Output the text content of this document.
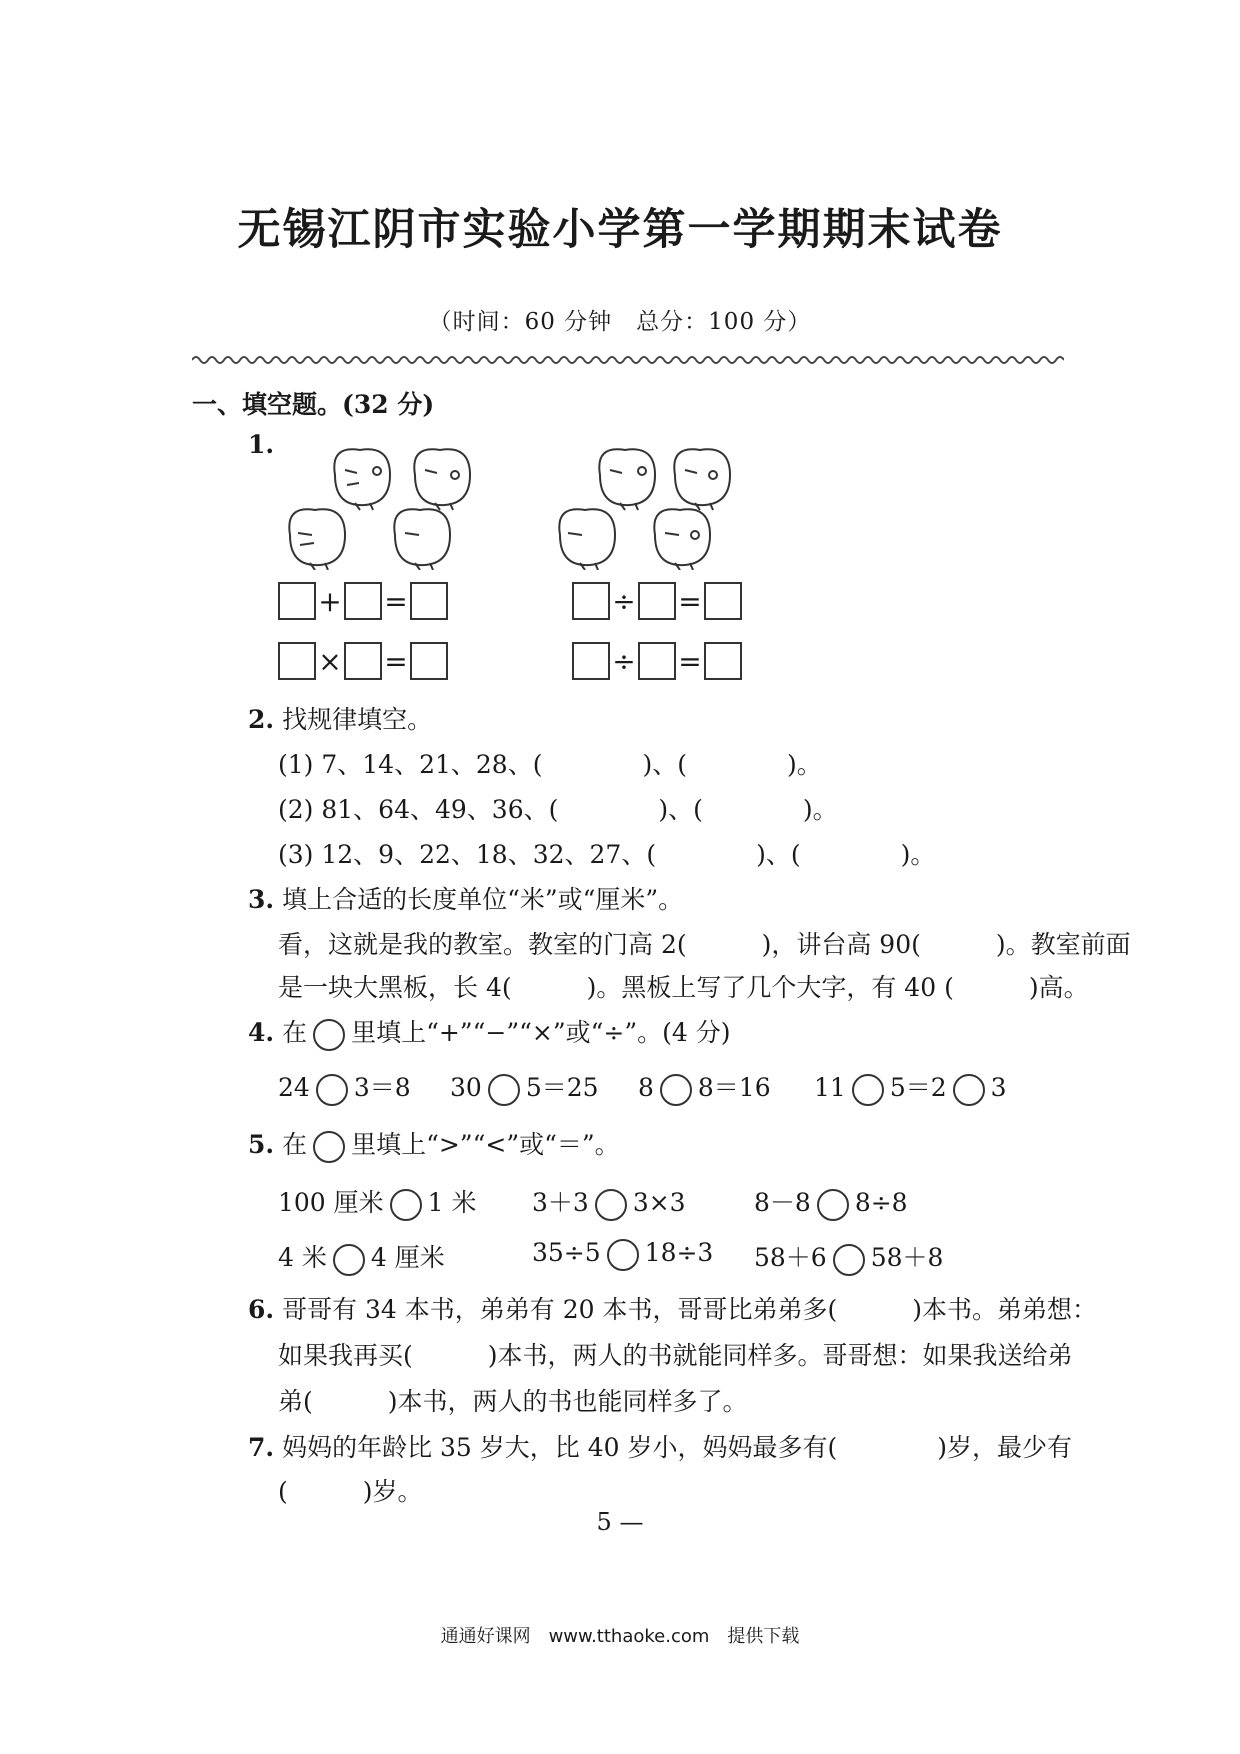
无锡江阴市实验小学第一学期期末试卷
（时间：60 分钟　总分：100 分）
一、填空题。(32 分)
1.
+ =
× =
÷ =
÷ =
2. 找规律填空。
(1) 7、14、21、28、(　　　　)、(　　　　)。
(2) 81、64、49、36、(　　　　)、(　　　　)。
(3) 12、9、22、18、32、27、(　　　　)、(　　　　)。
3. 填上合适的长度单位“米”或“厘米”。
看，这就是我的教室。教室的门高 2(　　　)，讲台高 90(　　　)。教室前面
是一块大黑板，长 4(　　　)。黑板上写了几个大字，有 40 (　　　)高。
4. 在 里填上“+”“−”“×”或“÷”。(4 分)
24 3＝8 30 5＝25 8 8＝16 11 5＝2 3
5. 在 里填上“>”“<”或“＝”。
100 厘米 1 米 3＋3 3×3	8－8 8÷8
4 米 4 厘米	35÷5 18÷3 58＋6 58＋8
6. 哥哥有 34 本书，弟弟有 20 本书，哥哥比弟弟多(　　　)本书。弟弟想：
如果我再买(　　　)本书，两人的书就能同样多。哥哥想：如果我送给弟
弟(　　　)本书，两人的书也能同样多了。
7. 妈妈的年龄比 35 岁大，比 40 岁小，妈妈最多有(　　　　)岁，最少有
(　　　)岁。
5 —
通通好课网　www.tthaoke.com　提供下载
